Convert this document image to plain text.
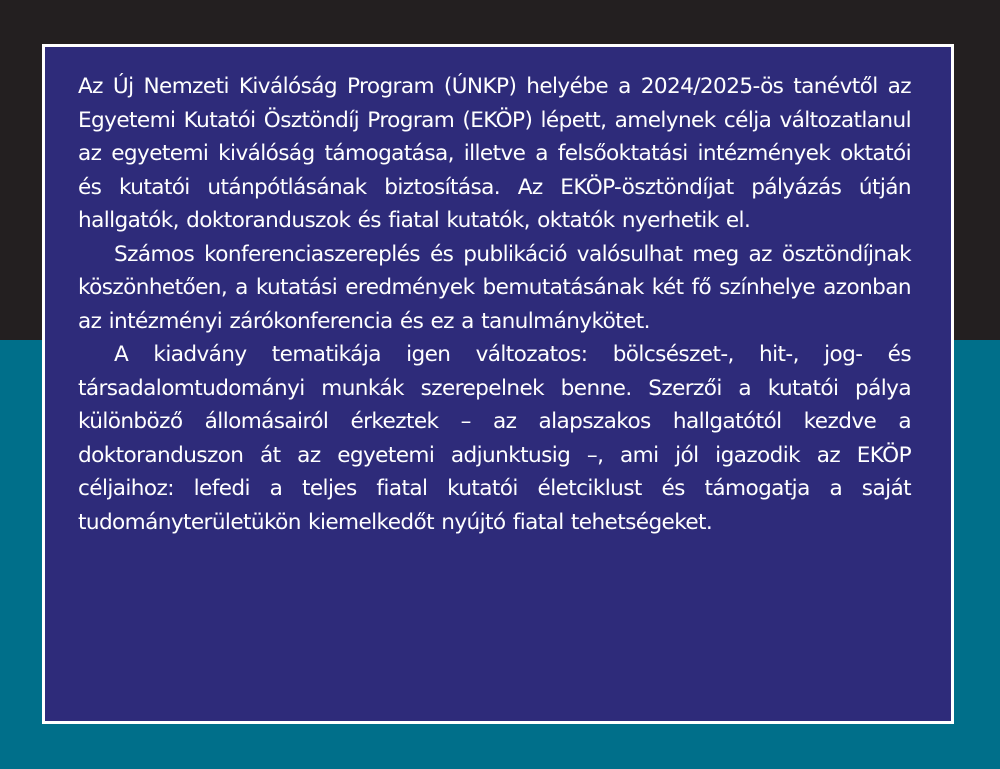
Az Új Nemzeti Kiválóság Program (ÚNKP) helyébe a 2024/2025-ös tanévtől az Egyetemi Kutatói Ösztöndíj Program (EKÖP) lépett, amelynek célja változatlanul az egyetemi kiválóság támogatása, illetve a felsőoktatási intézmények oktatói és kutatói utánpótlásának biztosítása. Az EKÖP-ösztöndíjat pályázás útján hallgatók, doktoranduszok és fiatal kutatók, oktatók nyerhetik el.

Számos konferenciaszereplés és publikáció valósulhat meg az ösztöndíjnak köszönhetően, a kutatási eredmények bemutatásának két fő színhelye azonban az intézményi zárókonferencia és ez a tanulmánykötet.

A kiadvány tematikája igen változatos: bölcsészet-, hit-, jog- és társadalomtudományi munkák szerepelnek benne. Szerzői a kutatói pálya különböző állomásairól érkeztek – az alapszakos hallgatótól kezdve a doktoranduszon át az egyetemi adjunktusig –, ami jól igazodik az EKÖP céljaihoz: lefedi a teljes fiatal kutatói életciklust és támogatja a saját tudományterületükön kiemelkedőt nyújtó fiatal tehetségeket.
